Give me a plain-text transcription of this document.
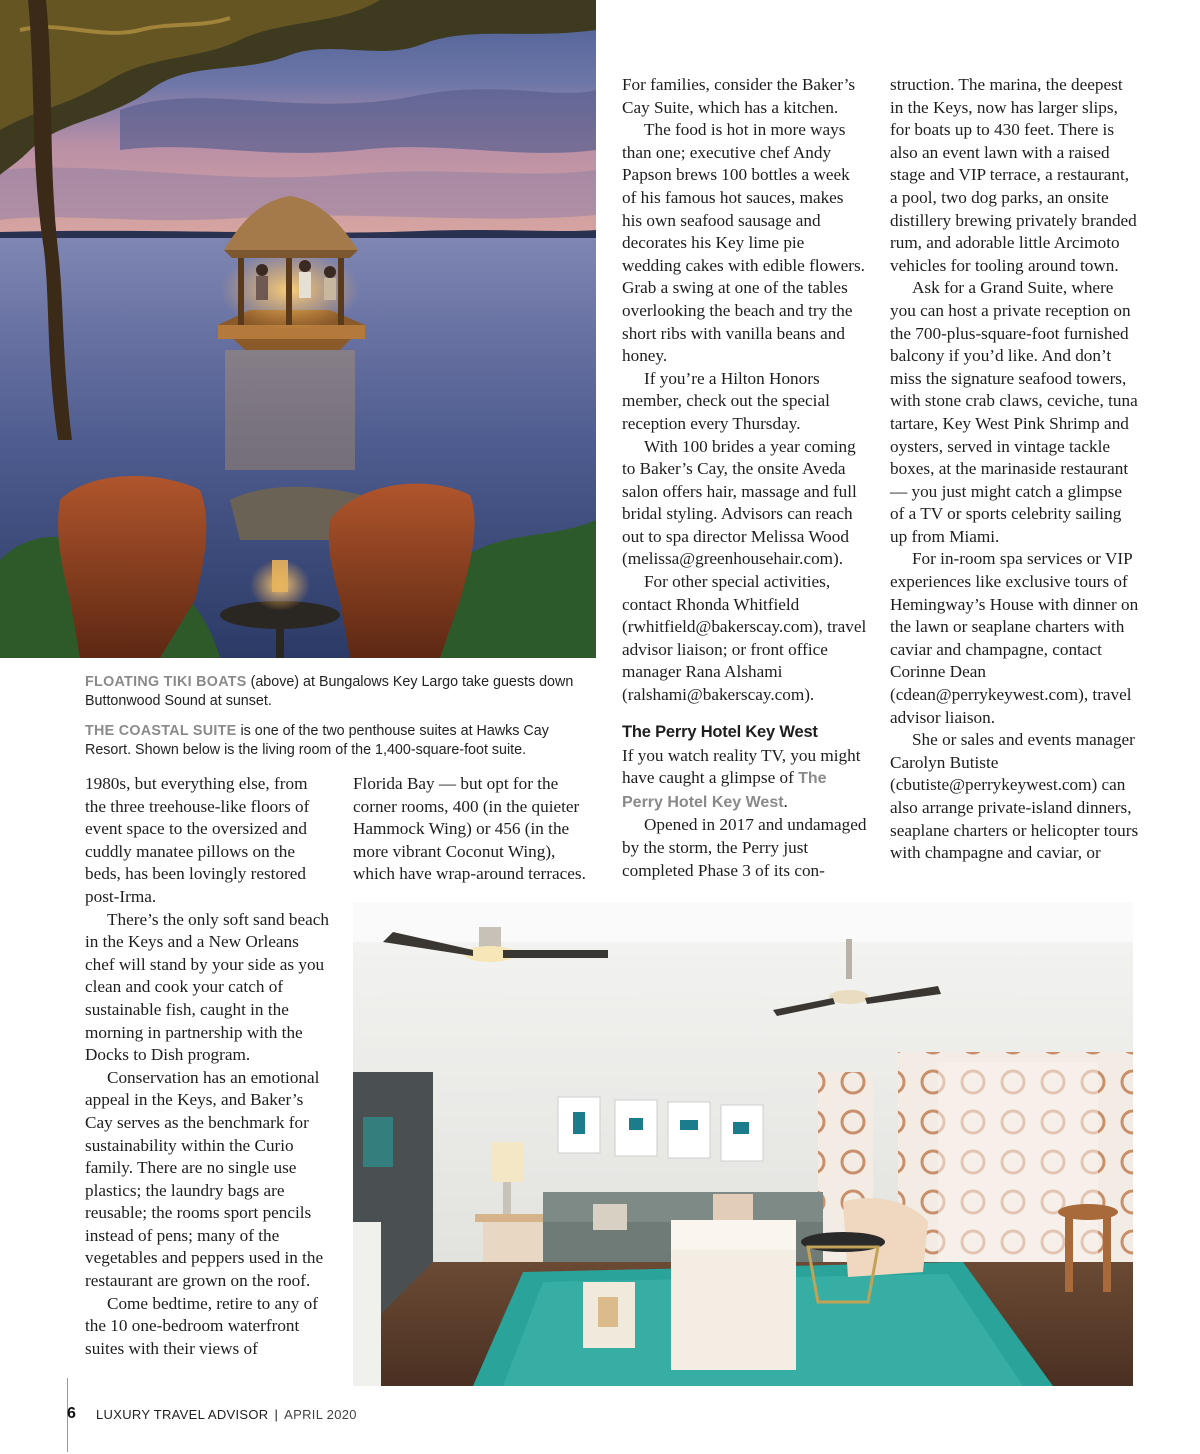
FLOATING TIKI BOATS (above) at Bungalows Key Largo take guests down Buttonwood Sound at sunset.
THE COASTAL SUITE is one of the two penthouse suites at Hawks Cay Resort. Shown below is the living room of the 1,400-square-foot suite.

1980s, but everything else, from the three treehouse-like floors of event space to the oversized and cuddly manatee pillows on the beds, has been lovingly restored post-Irma.

There’s the only soft sand beach in the Keys and a New Orleans chef will stand by your side as you clean and cook your catch of sustainable fish, caught in the morning in partnership with the Docks to Dish program.

Conservation has an emotional appeal in the Keys, and Baker’s Cay serves as the benchmark for sustainability within the Curio family. There are no single use plastics; the laundry bags are reusable; the rooms sport pencils instead of pens; many of the vegetables and peppers used in the restaurant are grown on the roof.

Come bedtime, retire to any of the 10 one-bedroom waterfront suites with their views of

Florida Bay — but opt for the corner rooms, 400 (in the quieter Hammock Wing) or 456 (in the more vibrant Coconut Wing), which have wrap-around terraces.

For families, consider the Baker’s Cay Suite, which has a kitchen.

The food is hot in more ways than one; executive chef Andy Papson brews 100 bottles a week of his famous hot sauces, makes his own seafood sausage and decorates his Key lime pie wedding cakes with edible flowers. Grab a swing at one of the tables overlooking the beach and try the short ribs with vanilla beans and honey.

If you’re a Hilton Honors member, check out the special reception every Thursday.

With 100 brides a year coming to Baker’s Cay, the onsite Aveda salon offers hair, massage and full bridal styling. Advisors can reach out to spa director Melissa Wood (melissa@greenhousehair.com).

For other special activities, contact Rhonda Whitfield (rwhitfield@bakerscay.com), travel advisor liaison; or front office manager Rana Alshami (ralshami@bakerscay.com).

The Perry Hotel Key West

If you watch reality TV, you might have caught a glimpse of The Perry Hotel Key West.

Opened in 2017 and undamaged by the storm, the Perry just completed Phase 3 of its con-

struction. The marina, the deepest in the Keys, now has larger slips, for boats up to 430 feet. There is also an event lawn with a raised stage and VIP terrace, a restaurant, a pool, two dog parks, an onsite distillery brewing privately branded rum, and adorable little Arcimoto vehicles for tooling around town.

Ask for a Grand Suite, where you can host a private reception on the 700-plus-square-foot furnished balcony if you’d like. And don’t miss the signature seafood towers, with stone crab claws, ceviche, tuna tartare, Key West Pink Shrimp and oysters, served in vintage tackle boxes, at the marinaside restaurant — you just might catch a glimpse of a TV or sports celebrity sailing up from Miami.

For in-room spa services or VIP experiences like exclusive tours of Hemingway’s House with dinner on the lawn or seaplane charters with caviar and champagne, contact Corinne Dean (cdean@perrykeywest.com), travel advisor liaison.

She or sales and events manager Carolyn Butiste (cbutiste@perrykeywest.com) can also arrange private-island dinners, seaplane charters or helicopter tours with champagne and caviar, or

6 LUXURY TRAVEL ADVISOR | APRIL 2020
